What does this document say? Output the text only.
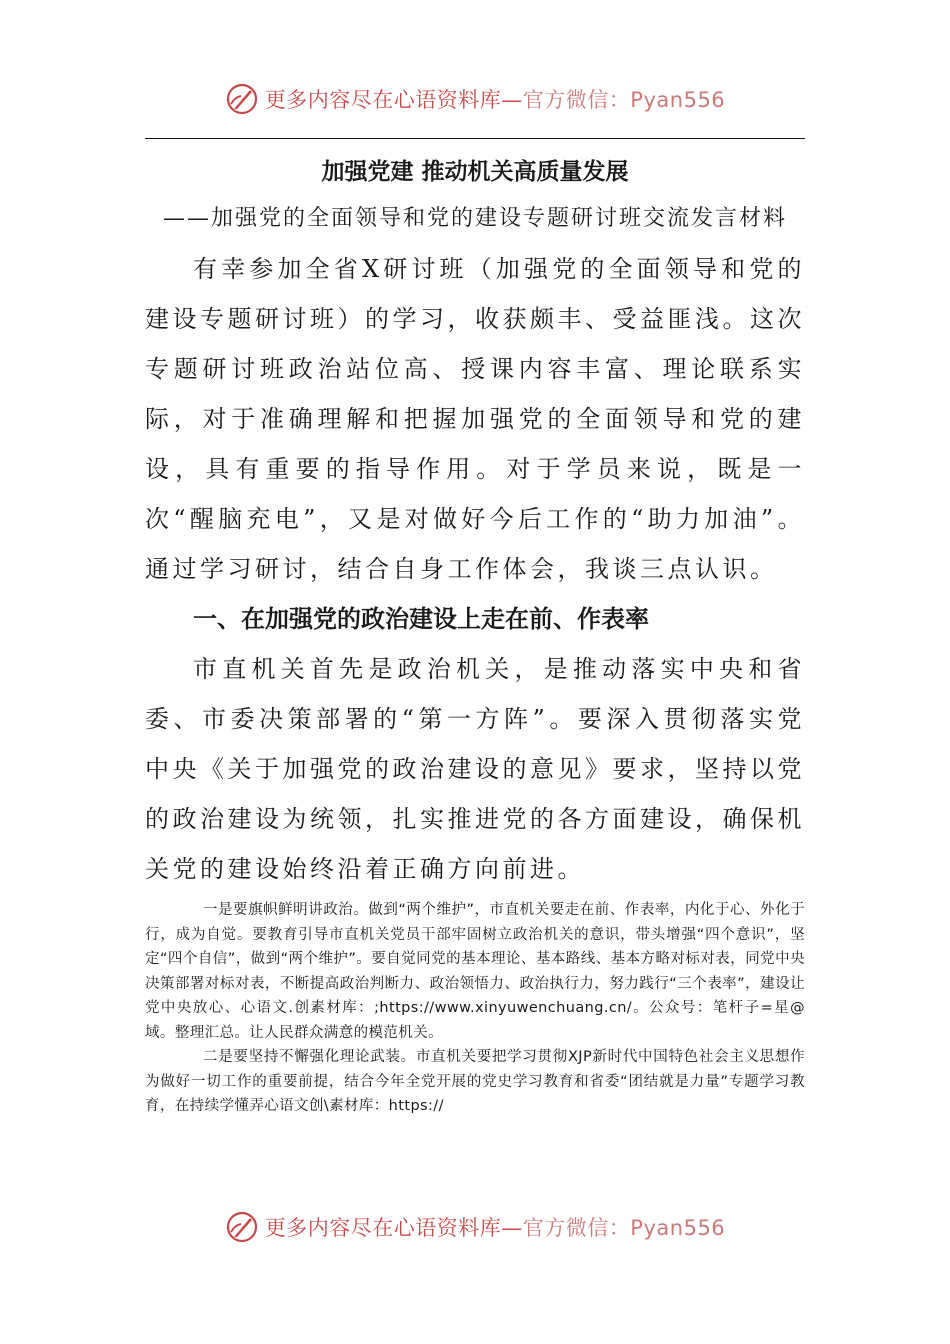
更多内容尽在心语资料库—官方微信：Pyan556

加强党建 推动机关高质量发展

——加强党的全面领导和党的建设专题研讨班交流发言材料

有幸参加全省X研讨班（加强党的全面领导和党的建设专题研讨班）的学习，收获颇丰、受益匪浅。这次专题研讨班政治站位高、授课内容丰富、理论联系实际，对于准确理解和把握加强党的全面领导和党的建设，具有重要的指导作用。对于学员来说，既是一次“醒脑充电”，又是对做好今后工作的“助力加油”。通过学习研讨，结合自身工作体会，我谈三点认识。

一、在加强党的政治建设上走在前、作表率

市直机关首先是政治机关，是推动落实中央和省委、市委决策部署的“第一方阵”。要深入贯彻落实党中央《关于加强党的政治建设的意见》要求，坚持以党的政治建设为统领，扎实推进党的各方面建设，确保机关党的建设始终沿着正确方向前进。

一是要旗帜鲜明讲政治。做到“两个维护”，市直机关要走在前、作表率，内化于心、外化于行，成为自觉。要教育引导市直机关党员干部牢固树立政治机关的意识，带头增强“四个意识”，坚定“四个自信”，做到“两个维护”。要自觉同党的基本理论、基本路线、基本方略对标对表，同党中央决策部署对标对表，不断提高政治判断力、政治领悟力、政治执行力，努力践行“三个表率”，建设让党中央放心、心语文.创素材库：;https://www.xinyuwenchuang.cn/。公众号：笔杆子=星@域。整理汇总。让人民群众满意的模范机关。

二是要坚持不懈强化理论武装。市直机关要把学习贯彻XJP新时代中国特色社会主义思想作为做好一切工作的重要前提，结合今年全党开展的党史学习教育和省委“团结就是力量”专题学习教育，在持续学懂弄心语文创\素材库：https://

更多内容尽在心语资料库—官方微信：Pyan556
